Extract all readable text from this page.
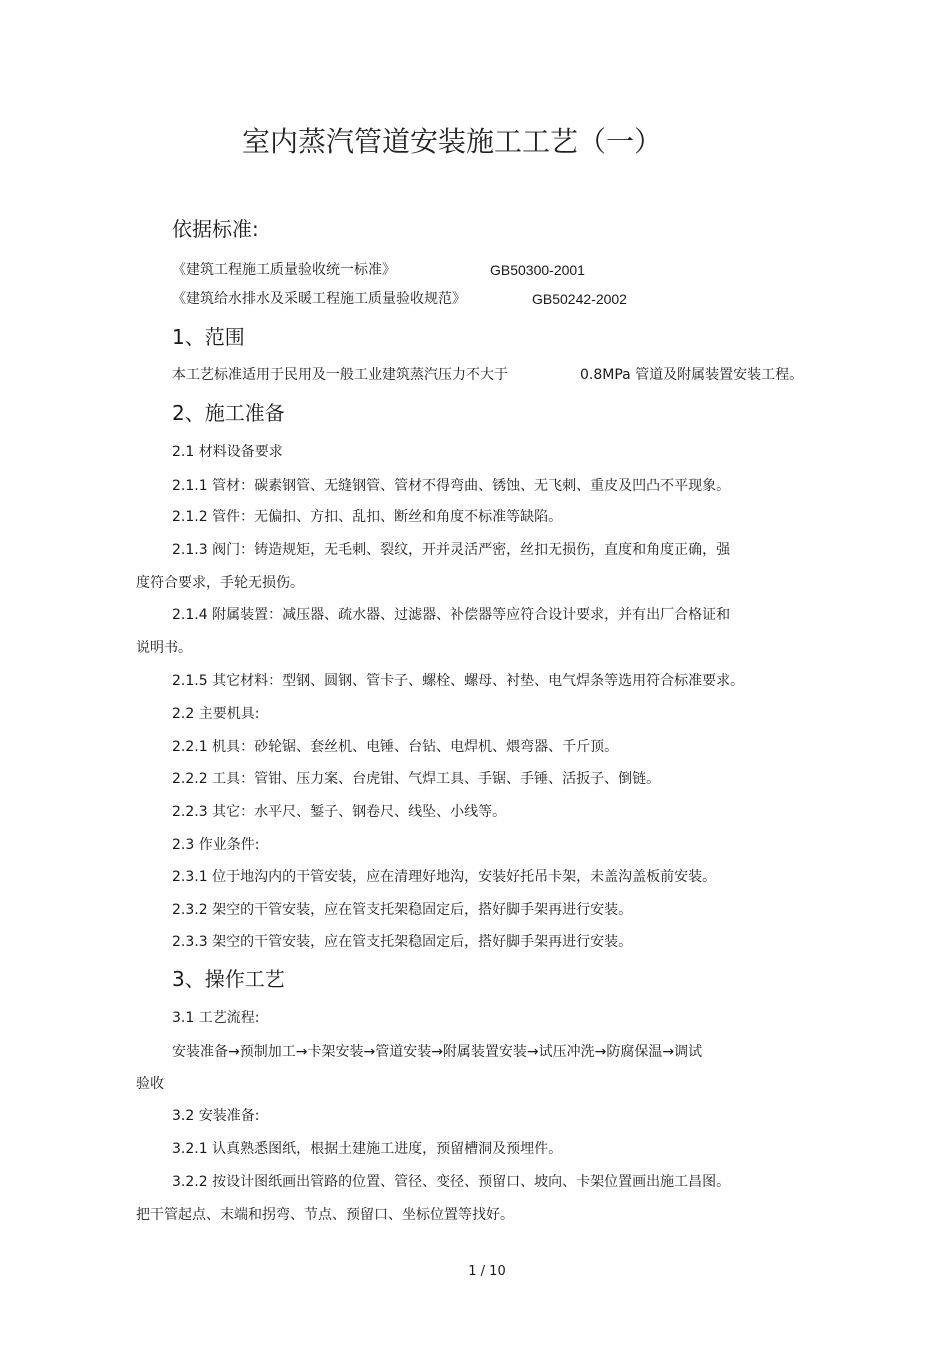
室内蒸汽管道安装施工工艺（一）
依据标准:
《建筑工程施工质量验收统一标准》	GB50300-2001
《建筑给水排水及采暖工程施工质量验收规范》	GB50242-2002
1、范围
本工艺标准适用于民用及一般工业建筑蒸汽压力不大于	0.8MPa 管道及附属装置安装工程。
2、施工准备
2.1 材料设备要求
2.1.1 管材：碳素钢管、无缝钢管、管材不得弯曲、锈蚀、无飞刺、重皮及凹凸不平现象。
2.1.2 管件：无偏扣、方扣、乱扣、断丝和角度不标准等缺陷。
2.1.3 阀门：铸造规矩，无毛刺、裂纹，开并灵活严密，丝扣无损伤，直度和角度正确，强
度符合要求，手轮无损伤。
2.1.4 附属装置：减压器、疏水器、过滤器、补偿器等应符合设计要求，并有出厂合格证和
说明书。
2.1.5 其它材料：型钢、圆钢、管卡子、螺栓、螺母、衬垫、电气焊条等选用符合标准要求。
2.2 主要机具:
2.2.1 机具：砂轮锯、套丝机、电锤、台钻、电焊机、煨弯器、千斤顶。
2.2.2 工具：管钳、压力案、台虎钳、气焊工具、手锯、手锤、活扳子、倒链。
2.2.3 其它：水平尺、錾子、钢卷尺、线坠、小线等。
2.3 作业条件:
2.3.1 位于地沟内的干管安装，应在清理好地沟，安装好托吊卡架，未盖沟盖板前安装。
2.3.2 架空的干管安装，应在管支托架稳固定后，搭好脚手架再进行安装。
2.3.3 架空的干管安装，应在管支托架稳固定后，搭好脚手架再进行安装。
3、操作工艺
3.1 工艺流程:
安装准备→预制加工→卡架安装→管道安装→附属装置安装→试压冲洗→防腐保温→调试
验收
3.2 安装准备:
3.2.1 认真熟悉图纸，根据土建施工进度，预留槽洞及预埋件。
3.2.2 按设计图纸画出管路的位置、管径、变径、预留口、坡向、卡架位置画出施工昌图。
把干管起点、末端和拐弯、节点、预留口、坐标位置等找好。
1 / 10
